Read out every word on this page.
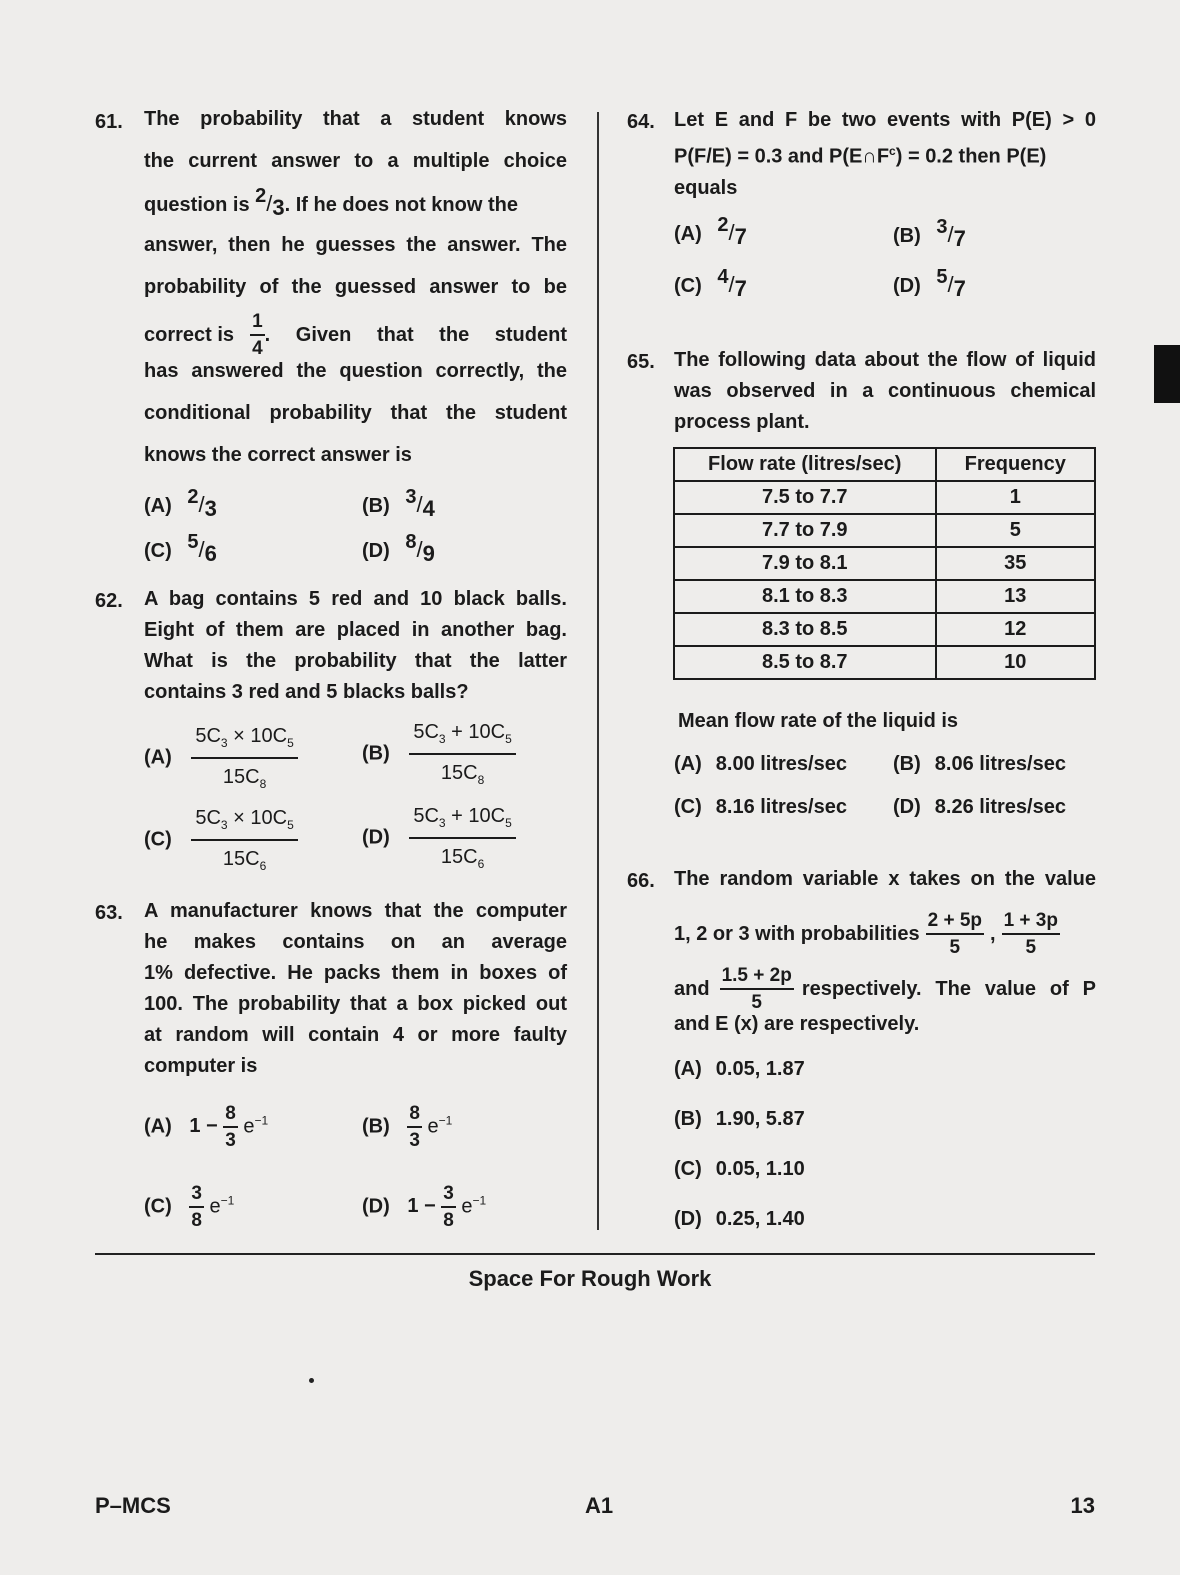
61. The probability that a student knows
the current answer to a multiple choice
question is 2/3. If he does not know the
answer, then he guesses the answer. The
probability of the guessed answer to be
correct is $\frac{1}{4}$ . Given that the student
has answered the question correctly, the
conditional probability that the student
knows the correct answer is
(A) 2/3	(B) 3/4
(C) 5/6	(D) 8/9
62. A bag contains 5 red and 10 black balls.
Eight of them are placed in another bag.
What is the probability that the latter
contains 3 red and 5 blacks balls?
$(A) \frac{5C_3 \times 10C_5}{15C_8}$	$(B) \frac{5C_3 + 10C_5}{15C_8}$
$(C) \frac{5C_3 \times 10C_5}{15C_6}$	$(D) \frac{5C_3 + 10C_5}{15C_6}$
63. A manufacturer knows that the computer
he makes contains on an average
1% defective. He packs them in boxes of
100. The probability that a box picked out
at random will contain 4 or more faulty
computer is
(A) $1 - \frac{8}{3} e^{-1}$	$(B) \frac{8}{3} e^{-1}$
$(C) \frac{3}{8} e^{-1}$	(D) $1 - \frac{3}{8} e^{-1}$
64. Let E and F be two events with P(E) > 0
P(F/E) = 0.3 and $P(E\cap F^c) = 0.2$ then P(E)
equals
(A) 2/7	(B) 3/7
(C) 4/7	(D) 5/7
65. The following data about the flow of liquid
was observed in a continuous chemical
process plant.
Flow rate (litres/sec)	Frequency
7.5 to 7.7	1
7.7 to 7.9	5
7.9 to 8.1	35
8.1 to 8.3	13
8.3 to 8.5	12
8.5 to 8.7	10
Mean flow rate of the liquid is
(A) 8.00 litres/sec (B) 8.06 litres/sec
(C) 8.16 litres/sec (D) 8.26 litres/sec
66. The random variable x takes on the value
1, 2 or 3 with probabilities $\frac{2 + 5p}{5}$ , $\frac{1 + 3p}{5}$
and $\frac{1.5 + 2p}{5}$ respectively. The value of P
and E (x) are respectively.
(A) 0.05, 1.87
(B) 1.90, 5.87
(C) 0.05, 1.10
(D) 0.25, 1.40
Space For Rough Work
P–MCS	A1	13
